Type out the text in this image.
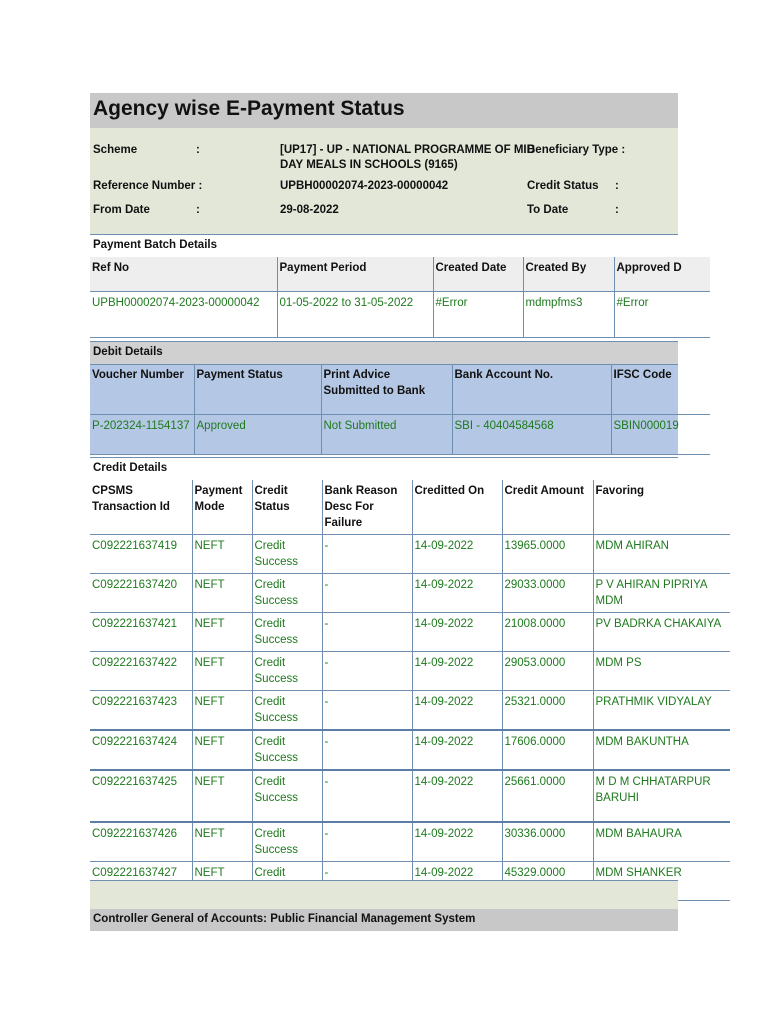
Agency wise E-Payment Status
Scheme	:	[UP17] - UP - NATIONAL PROGRAMME OF MID
DAY MEALS IN SCHOOLS (9165)
Beneficiary Type :
Reference Number :	UPBH00002074-2023-00000042	Credit Status :
From Date	:	29-08-2022	To Date	:
Payment Batch Details
Ref No	Payment Period	Created Date	Created By	Approved D
UPBH00002074-2023-00000042	01-05-2022 to 31-05-2022	#Error	mdmpfms3	#Error
Debit Details
Voucher Number	Payment Status	Print Advice Submitted to Bank	Bank Account No.	IFSC Code
P-202324-1154137	Approved	Not Submitted	SBI - 40404584568	SBIN000019
Credit Details
CPSMS Transaction Id	Payment Mode	Credit Status	Bank Reason Desc For Failure	Creditted On	Credit Amount	Favoring
C092221637419	NEFT	Credit Success	-	14-09-2022	13965.0000	MDM AHIRAN
C092221637420	NEFT	Credit Success	-	14-09-2022	29033.0000	P V AHIRAN PIPRIYA MDM
C092221637421	NEFT	Credit Success	-	14-09-2022	21008.0000	PV BADRKA CHAKAIYA
C092221637422	NEFT	Credit Success	-	14-09-2022	29053.0000	MDM PS
C092221637423	NEFT	Credit Success	-	14-09-2022	25321.0000	PRATHMIK VIDYALAY
C092221637424	NEFT	Credit Success	-	14-09-2022	17606.0000	MDM BAKUNTHA
C092221637425	NEFT	Credit Success	-	14-09-2022	25661.0000	M D M CHHATARPUR BARUHI
C092221637426	NEFT	Credit Success	-	14-09-2022	30336.0000	MDM BAHAURA
C092221637427	NEFT	Credit	-	14-09-2022	45329.0000	MDM SHANKER
Controller General of Accounts: Public Financial Management System
